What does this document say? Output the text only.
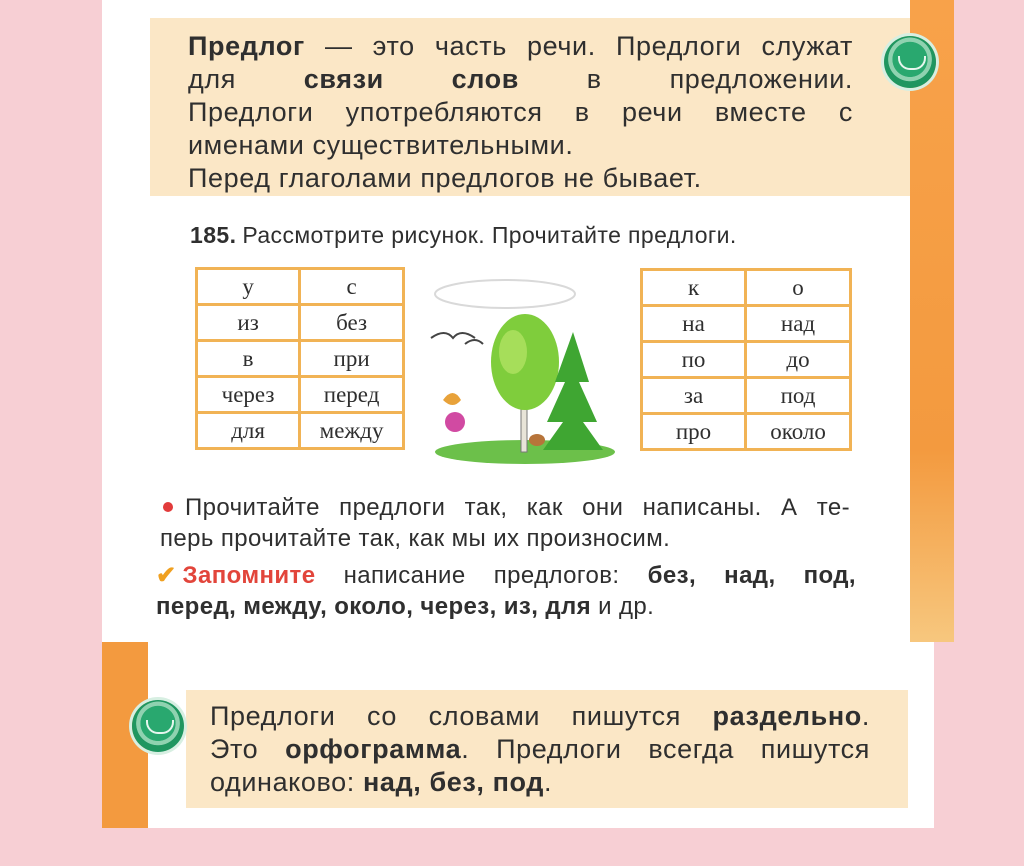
Предлог — это часть речи. Предлоги служат
для	связи слов	в предложении.
Предлоги употребляются в речи вместе с
именами существительными.
Перед глаголами предлогов не бывает.
185. Рассмотрите рисунок. Прочитайте предлоги.
у	с
из	без
в	при
через	перед
для	между
к	о
на	над
по	до
за	под
про	около
Прочитайте предлоги так, как они написаны. А те-
перь прочитайте так, как мы их произносим.
✔ Запомните написание предлогов: без, над, под,
перед, между, около, через, из, для и др.
Предлоги со словами пишутся раздельно.
Это орфограмма. Предлоги всегда пишутся
одинаково: над, без, под.
